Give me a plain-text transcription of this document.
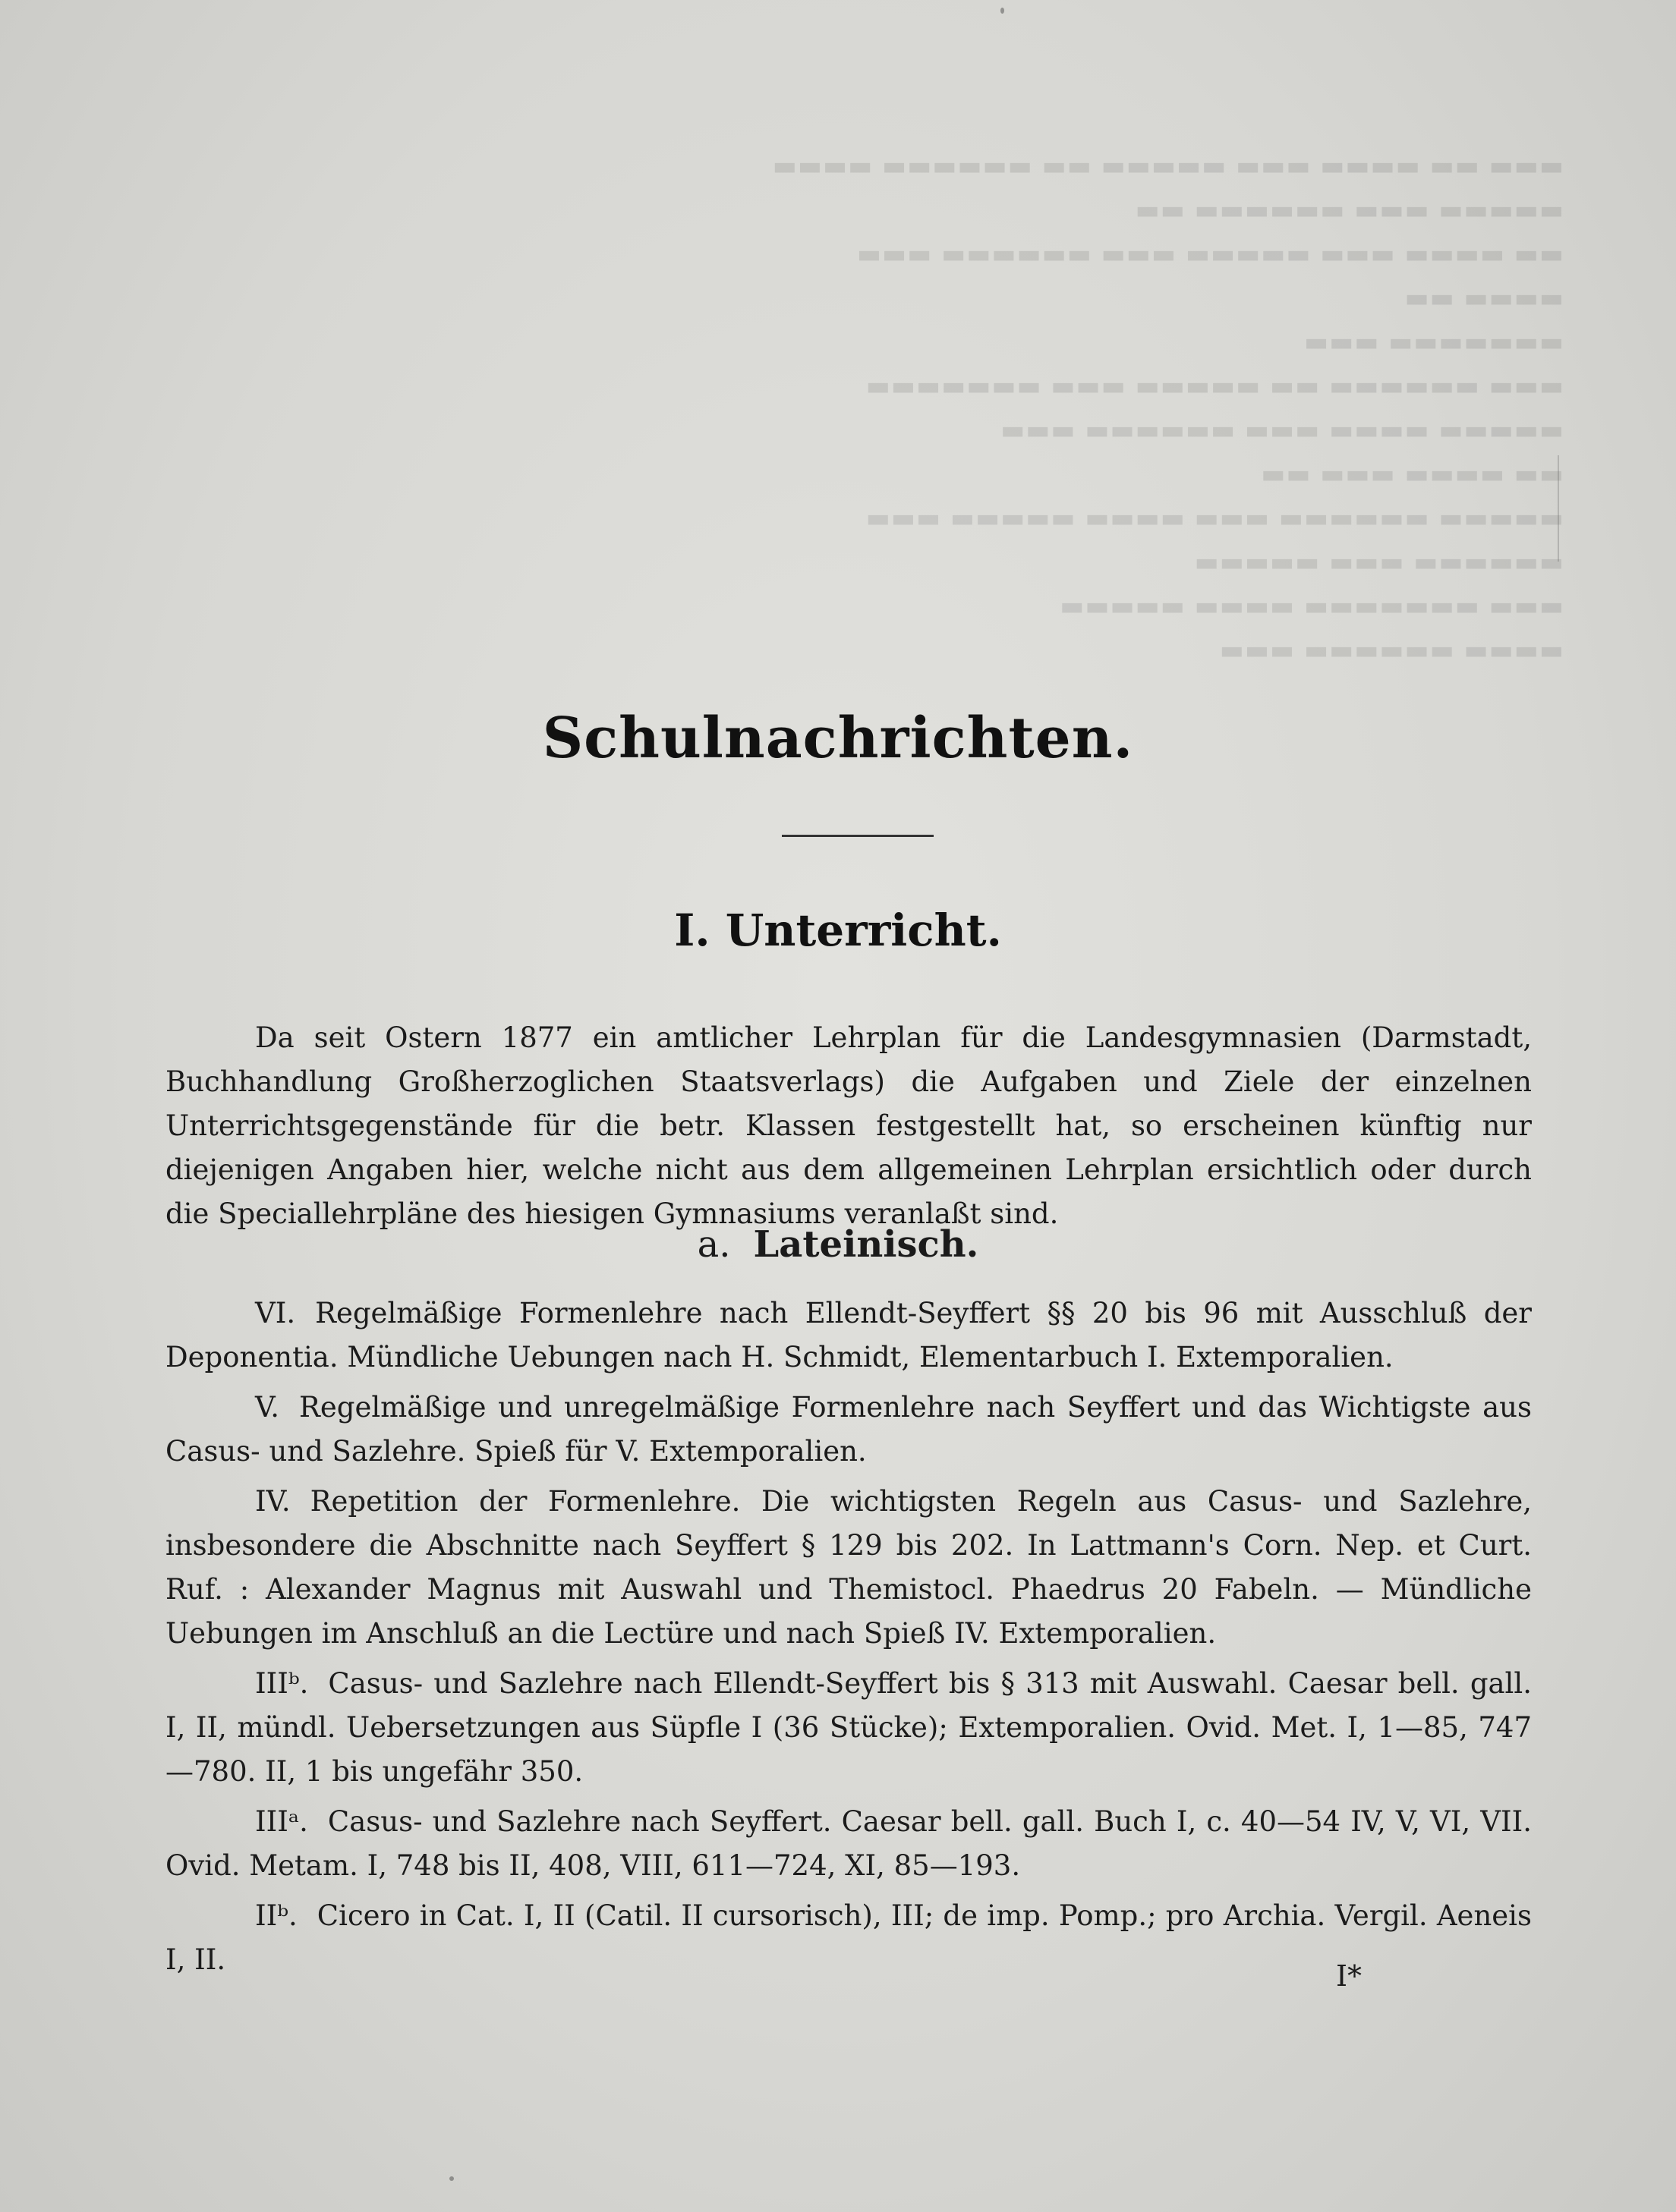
▬▬▬ ▬▬ ▬▬▬▬ ▬▬▬ ▬▬▬▬▬ ▬▬ ▬▬▬▬▬▬ ▬▬▬▬
▬▬▬▬▬ ▬▬▬ ▬▬▬▬▬▬ ▬▬
▬▬ ▬▬▬▬ ▬▬▬ ▬▬▬▬▬ ▬▬▬ ▬▬▬▬▬▬ ▬▬▬
▬▬▬▬ ▬▬
▬▬▬▬▬▬▬ ▬▬▬
▬▬▬ ▬▬▬▬▬▬ ▬▬ ▬▬▬▬▬ ▬▬▬ ▬▬▬▬▬▬▬
▬▬▬▬▬ ▬▬▬▬ ▬▬▬ ▬▬▬▬▬▬ ▬▬▬
▬▬ ▬▬▬▬ ▬▬▬ ▬▬
▬▬▬▬▬ ▬▬▬▬▬▬ ▬▬▬ ▬▬▬▬ ▬▬▬▬▬ ▬▬▬
▬▬▬▬▬▬ ▬▬▬ ▬▬▬▬▬
▬▬▬ ▬▬▬▬▬▬▬ ▬▬▬▬ ▬▬▬▬▬
▬▬▬▬ ▬▬▬▬▬▬ ▬▬▬
Schulnachrichten.
I. Unterricht.

Da seit Ostern 1877 ein amtlicher Lehrplan für die Landesgymnasien (Darmstadt, Buchhandlung Großherzoglichen Staatsverlags) die Aufgaben und Ziele der einzelnen Unterrichtsgegenstände für die betr. Klassen festgestellt hat, so erscheinen künftig nur diejenigen Angaben hier, welche nicht aus dem allgemeinen Lehrplan ersichtlich oder durch die Speciallehrpläne des hiesigen Gymnasiums veranlaßt sind.

a. Lateinisch.
VI. Regelmäßige Formenlehre nach Ellendt-Seyffert §§ 20 bis 96 mit Ausschluß der Deponentia. Mündliche Uebungen nach H. Schmidt, Elementarbuch I. Extemporalien.
V. Regelmäßige und unregelmäßige Formenlehre nach Seyffert und das Wichtigste aus Casus- und Sazlehre. Spieß für V. Extemporalien.
IV. Repetition der Formenlehre. Die wichtigsten Regeln aus Casus- und Sazlehre, insbesondere die Abschnitte nach Seyffert § 129 bis 202. In Lattmann's Corn. Nep. et Curt. Ruf. : Alexander Magnus mit Auswahl und Themistocl. Phaedrus 20 Fabeln. — Mündliche Uebungen im Anschluß an die Lectüre und nach Spieß IV. Extemporalien.
IIIᵇ. Casus- und Sazlehre nach Ellendt-Seyffert bis § 313 mit Auswahl. Caesar bell. gall. I, II, mündl. Uebersetzungen aus Süpfle I (36 Stücke); Extemporalien. Ovid. Met. I, 1—85, 747—780. II, 1 bis ungefähr 350.
IIIᵃ. Casus- und Sazlehre nach Seyffert. Caesar bell. gall. Buch I, c. 40—54 IV, V, VI, VII. Ovid. Metam. I, 748 bis II, 408, VIII, 611—724, XI, 85—193.
IIᵇ. Cicero in Cat. I, II (Catil. II cursorisch), III; de imp. Pomp.; pro Archia. Vergil. Aeneis I, II.	I*
